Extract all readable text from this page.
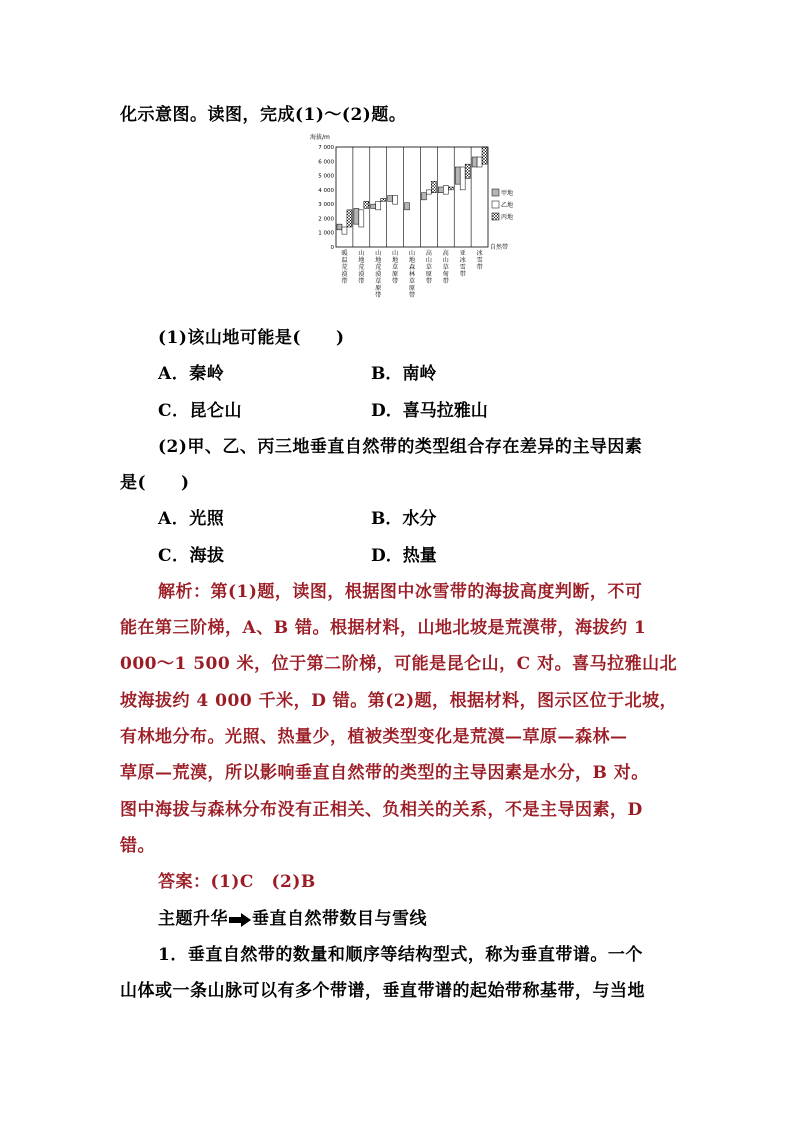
化示意图。读图，完成(1)～(2)题。
海拔/m
7 000
6 000
5 000
4 000
3 000
2 000
1 000
0
暖温荒漠带
山地荒漠带
山地荒漠草原带
山地草原带
山地森林草原带
高山草原带
高山草甸带
亚冰雪带
冰雪带
甲地
乙地
丙地
自然带
(1)该山地可能是(　　)
A．秦岭	B．南岭
C．昆仑山	D．喜马拉雅山
(2)甲、乙、丙三地垂直自然带的类型组合存在差异的主导因素
是(　　)
A．光照	B．水分
C．海拔	D．热量
解析：第(1)题，读图，根据图中冰雪带的海拔高度判断，不可
能在第三阶梯，A、B 错。根据材料，山地北坡是荒漠带，海拔约 1
000～1 500 米，位于第二阶梯，可能是昆仑山，C 对。喜马拉雅山北
坡海拔约 4 000 千米，D 错。第(2)题，根据材料，图示区位于北坡，
有林地分布。光照、热量少，植被类型变化是荒漠—草原—森林—
草原—荒漠，所以影响垂直自然带的类型的主导因素是水分，B 对。
图中海拔与森林分布没有正相关、负相关的关系，不是主导因素，D
错。
答案：(1)C　(2)B
主题升华 垂直自然带数目与雪线
1．垂直自然带的数量和顺序等结构型式，称为垂直带谱。一个
山体或一条山脉可以有多个带谱，垂直带谱的起始带称基带，与当地
